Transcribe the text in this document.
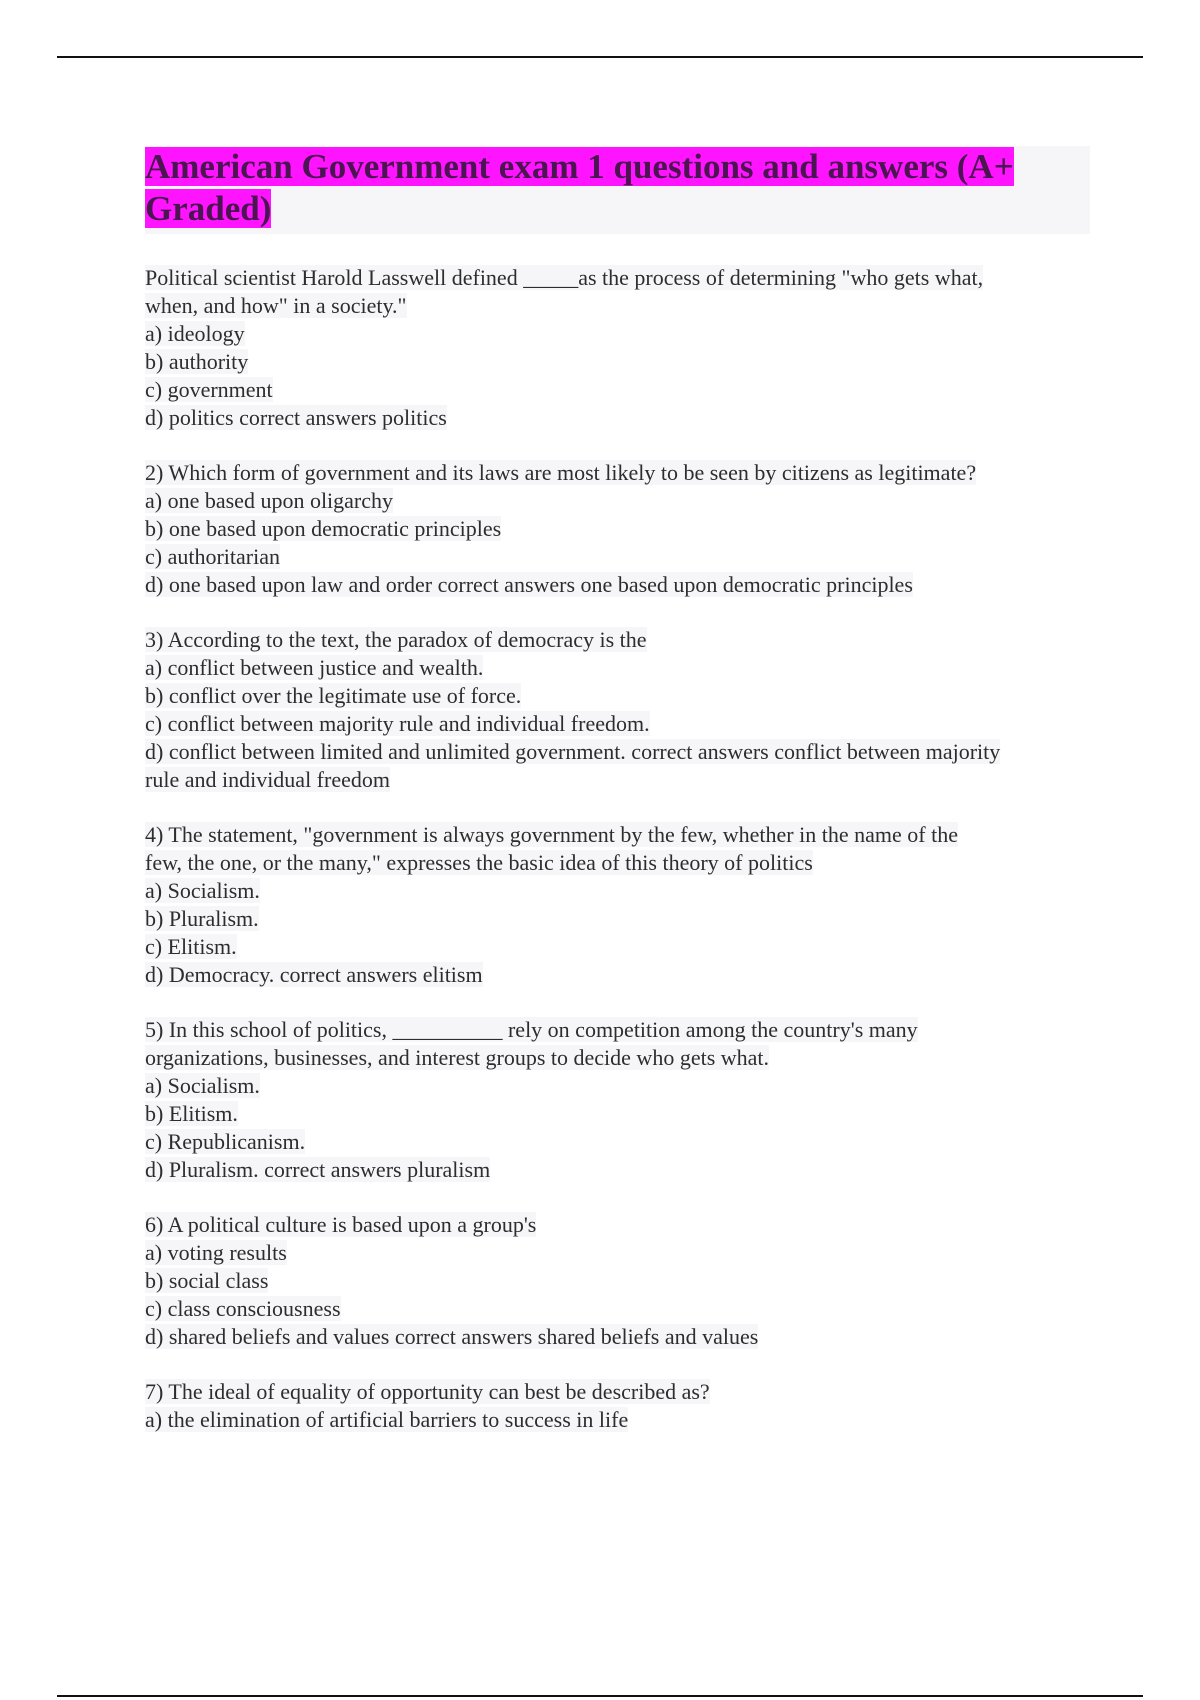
American Government exam 1 questions and answers (A+ Graded)
Political scientist Harold Lasswell defined _____as the process of determining "who gets what,
when, and how" in a society."
a) ideology
b) authority
c) government
d) politics correct answers politics
2) Which form of government and its laws are most likely to be seen by citizens as legitimate?
a) one based upon oligarchy
b) one based upon democratic principles
c) authoritarian
d) one based upon law and order correct answers one based upon democratic principles
3) According to the text, the paradox of democracy is the
a) conflict between justice and wealth.
b) conflict over the legitimate use of force.
c) conflict between majority rule and individual freedom.
d) conflict between limited and unlimited government. correct answers conflict between majority
rule and individual freedom
4) The statement, "government is always government by the few, whether in the name of the
few, the one, or the many," expresses the basic idea of this theory of politics
a) Socialism.
b) Pluralism.
c) Elitism.
d) Democracy. correct answers elitism
5) In this school of politics, __________ rely on competition among the country's many
organizations, businesses, and interest groups to decide who gets what.
a) Socialism.
b) Elitism.
c) Republicanism.
d) Pluralism. correct answers pluralism
6) A political culture is based upon a group's
a) voting results
b) social class
c) class consciousness
d) shared beliefs and values correct answers shared beliefs and values
7) The ideal of equality of opportunity can best be described as?
a) the elimination of artificial barriers to success in life
